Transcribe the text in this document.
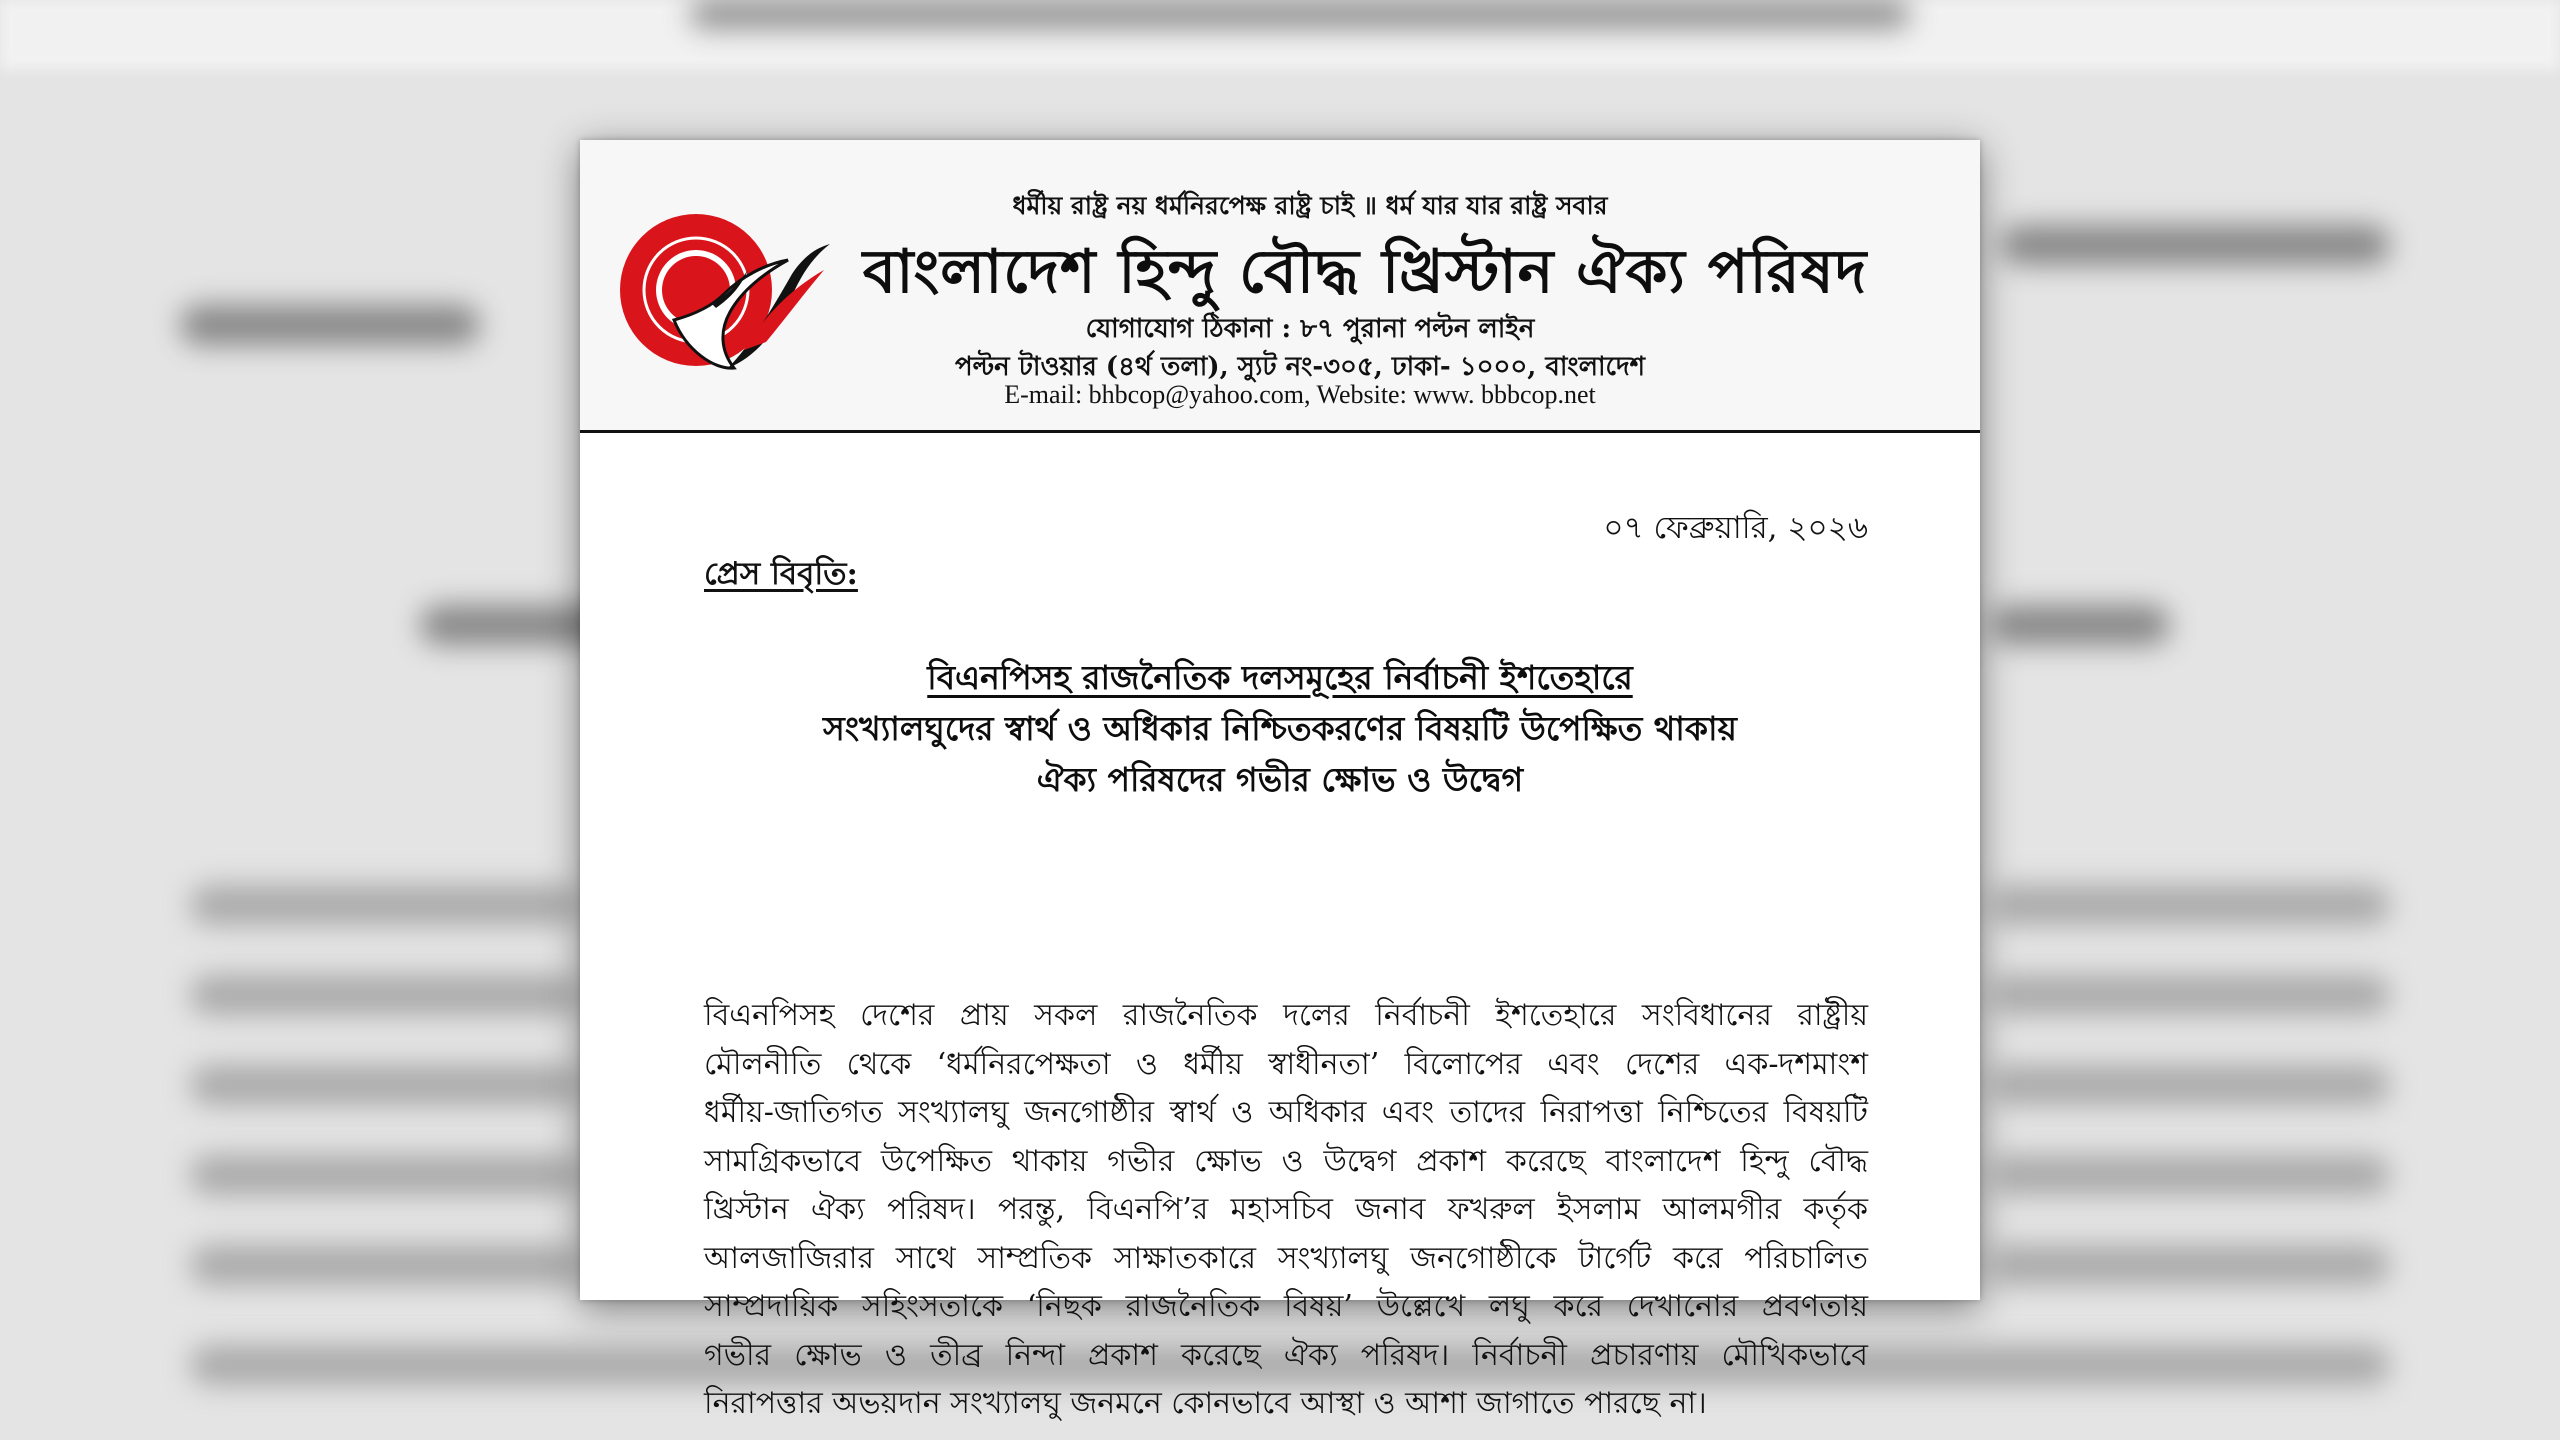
ধর্মীয় রাষ্ট্র নয় ধর্মনিরপেক্ষ রাষ্ট্র চাই ॥ ধর্ম যার যার রাষ্ট্র সবার
বাংলাদেশ হিন্দু বৌদ্ধ খ্রিস্টান ঐক্য পরিষদ
যোগাযোগ ঠিকানা : ৮৭ পুরানা পল্টন লাইন
পল্টন টাওয়ার (৪র্থ তলা), স্যুট নং-৩০৫, ঢাকা- ১০০০, বাংলাদেশ
E-mail: bhbcop@yahoo.com, Website: www. bbbcop.net
০৭ ফেব্রুয়ারি, ২০২৬
প্রেস বিবৃতি:
বিএনপিসহ রাজনৈতিক দলসমূহের নির্বাচনী ইশতেহারে
সংখ্যালঘুদের স্বার্থ ও অধিকার নিশ্চিতকরণের বিষয়টি উপেক্ষিত থাকায়
ঐক্য পরিষদের গভীর ক্ষোভ ও উদ্বেগ
বিএনপিসহ দেশের প্রায় সকল রাজনৈতিক দলের নির্বাচনী ইশতেহারে সংবিধানের রাষ্ট্রীয়
মৌলনীতি থেকে ‘ধর্মনিরপেক্ষতা ও ধর্মীয় স্বাধীনতা’ বিলোপের এবং দেশের এক-দশমাংশ
ধর্মীয়-জাতিগত সংখ্যালঘু জনগোষ্ঠীর স্বার্থ ও অধিকার এবং তাদের নিরাপত্তা নিশ্চিতের বিষয়টি
সামগ্রিকভাবে উপেক্ষিত থাকায় গভীর ক্ষোভ ও উদ্বেগ প্রকাশ করেছে বাংলাদেশ হিন্দু বৌদ্ধ
খ্রিস্টান ঐক্য পরিষদ। পরন্তু, বিএনপি’র মহাসচিব জনাব ফখরুল ইসলাম আলমগীর কর্তৃক
আলজাজিরার সাথে সাম্প্রতিক সাক্ষাতকারে সংখ্যালঘু জনগোষ্ঠীকে টার্গেট করে পরিচালিত
সাম্প্রদায়িক সহিংসতাকে ‘নিছক রাজনৈতিক বিষয়’ উল্লেখে লঘু করে দেখানোর প্রবণতায়
গভীর ক্ষোভ ও তীব্র নিন্দা প্রকাশ করেছে ঐক্য পরিষদ। নির্বাচনী প্রচারণায় মৌখিকভাবে
নিরাপত্তার অভয়দান সংখ্যালঘু জনমনে কোনভাবে আস্থা ও আশা জাগাতে পারছে না।
